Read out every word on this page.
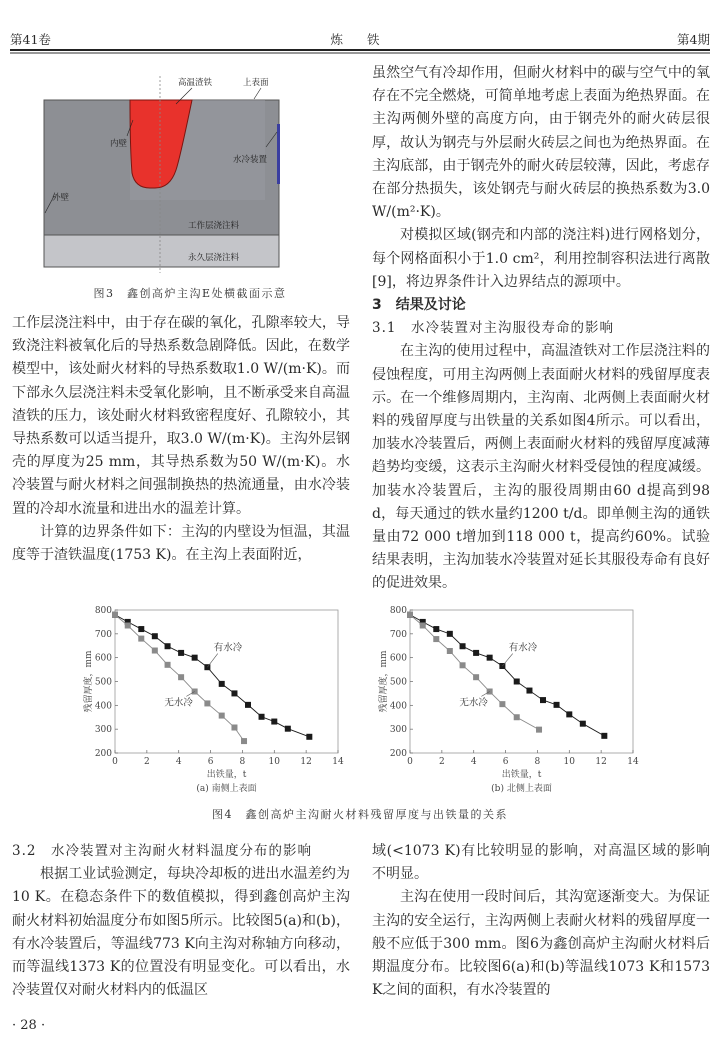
第41卷	炼 铁	第4期
高温渣铁	上表面
内壁
水冷装置
外壁
工作层浇注料
永久层浇注料
图3　鑫创高炉主沟E处横截面示意

工作层浇注料中，由于存在碳的氧化，孔隙率较大，导致浇注料被氧化后的导热系数急剧降低。因此，在数学模型中，该处耐火材料的导热系数取1.0 W/(m·K)。而下部永久层浇注料未受氧化影响，且不断承受来自高温渣铁的压力，该处耐火材料致密程度好、孔隙较小，其导热系数可以适当提升，取3.0 W/(m·K)。主沟外层钢壳的厚度为25 mm，其导热系数为50 W/(m·K)。水冷装置与耐火材料之间强制换热的热流通量，由水冷装置的冷却水流量和进出水的温差计算。

计算的边界条件如下：主沟的内壁设为恒温，其温度等于渣铁温度(1753 K)。在主沟上表面附近，

虽然空气有冷却作用，但耐火材料中的碳与空气中的氧存在不完全燃烧，可简单地考虑上表面为绝热界面。在主沟两侧外壁的高度方向，由于钢壳外的耐火砖层很厚，故认为钢壳与外层耐火砖层之间也为绝热界面。在主沟底部，由于钢壳外的耐火砖层较薄，因此，考虑存在部分热损失，该处钢壳与耐火砖层的换热系数为3.0 W/(m²·K)。

对模拟区域(钢壳和内部的浇注料)进行网格划分，每个网格面积小于1.0 cm²，利用控制容积法进行离散[9]，将边界条件计入边界结点的源项中。

3　结果及讨论

3.1　水冷装置对主沟服役寿命的影响

在主沟的使用过程中，高温渣铁对工作层浇注料的侵蚀程度，可用主沟两侧上表面耐火材料的残留厚度表示。在一个维修周期内，主沟南、北两侧上表面耐火材料的残留厚度与出铁量的关系如图4所示。可以看出，加装水冷装置后，两侧上表面耐火材料的残留厚度减薄趋势均变缓，这表示主沟耐火材料受侵蚀的程度减缓。加装水冷装置后，主沟的服役周期由60 d提高到98 d，每天通过的铁水量约1200 t/d。即单侧主沟的通铁量由72 000 t增加到118 000 t，提高约60%。试验结果表明，主沟加装水冷装置对延长其服役寿命有良好的促进效果。

0	2	4	6	8	10 12 14
200
300
400
500
600
700
800
出铁量，t
残留厚度，mm
(a) 南侧上表面
有水冷
无水冷
0	2	4	6	8	10 12 14
200
300
400
500
600
700
800
出铁量，t
残留厚度，mm
(b) 北侧上表面
有水冷
无水冷
图4　鑫创高炉主沟耐火材料残留厚度与出铁量的关系

3.2　水冷装置对主沟耐火材料温度分布的影响

根据工业试验测定，每块冷却板的进出水温差约为10 K。在稳态条件下的数值模拟，得到鑫创高炉主沟耐火材料初始温度分布如图5所示。比较图5(a)和(b)，有水冷装置后，等温线773 K向主沟对称轴方向移动，而等温线1373 K的位置没有明显变化。可以看出，水冷装置仅对耐火材料内的低温区

域(<1073 K)有比较明显的影响，对高温区域的影响不明显。

主沟在使用一段时间后，其沟宽逐渐变大。为保证主沟的安全运行，主沟两侧上表耐火材料的残留厚度一般不应低于300 mm。图6为鑫创高炉主沟耐火材料后期温度分布。比较图6(a)和(b)等温线1073 K和1573 K之间的面积，有水冷装置的

· 28 ·
